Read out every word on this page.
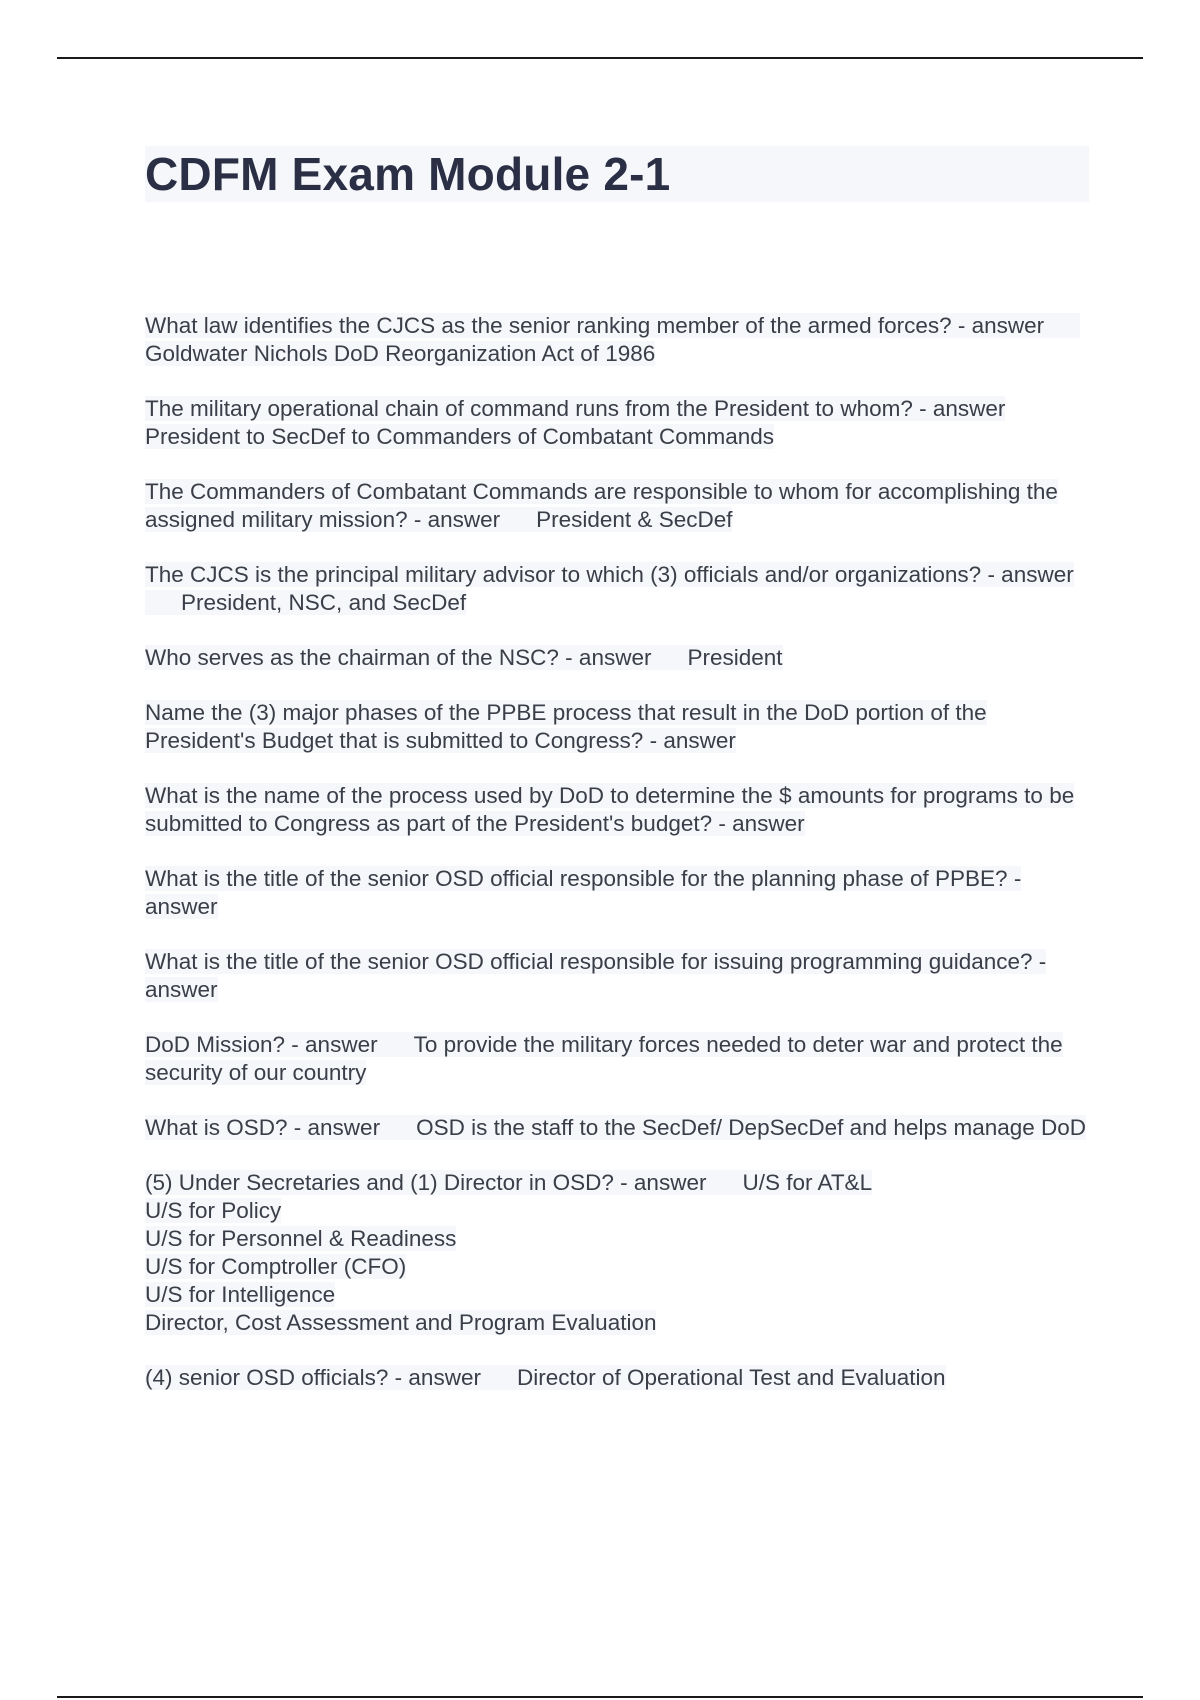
CDFM Exam Module 2-1

What law identifies the CJCS as the senior ranking member of the armed forces? - answerGoldwater Nichols DoD Reorganization Act of 1986

The military operational chain of command runs from the President to whom? - answer President to SecDef to Commanders of Combatant Commands

The Commanders of Combatant Commands are responsible to whom for accomplishing the assigned military mission? - answer President & SecDef

The CJCS is the principal military advisor to which (3) officials and/or organizations? - answerPresident, NSC, and SecDef

Who serves as the chairman of the NSC? - answer President

Name the (3) major phases of the PPBE process that result in the DoD portion of the President's Budget that is submitted to Congress? - answer

What is the name of the process used by DoD to determine the $ amounts for programs to be submitted to Congress as part of the President's budget? - answer

What is the title of the senior OSD official responsible for the planning phase of PPBE? - answer

What is the title of the senior OSD official responsible for issuing programming guidance? - answer

DoD Mission? - answer To provide the military forces needed to deter war and protect the security of our country

What is OSD? - answer OSD is the staff to the SecDef/ DepSecDef and helps manage DoD

(5) Under Secretaries and (1) Director in OSD? - answer U/S for AT&L
U/S for Policy
U/S for Personnel & Readiness
U/S for Comptroller (CFO)
U/S for Intelligence
Director, Cost Assessment and Program Evaluation

(4) senior OSD officials? - answer Director of Operational Test and Evaluation
